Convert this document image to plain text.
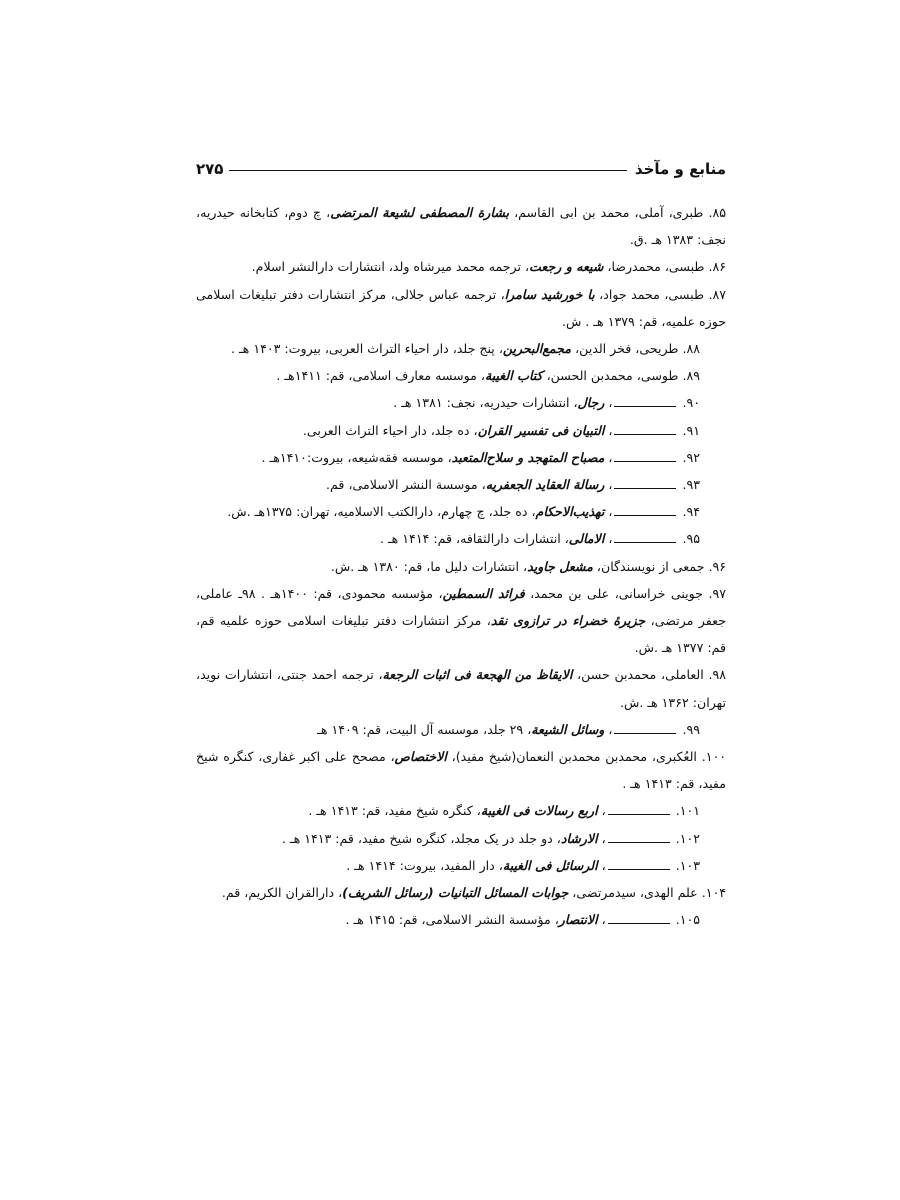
منابع و مآخذ
۲۷۵

۸۵. طبری، آملی، محمد بن ابی القاسم، بشارة المصطفی لشیعة المرتضی، چ دوم، کتابخانه حیدریه، نجف: ۱۳۸۳ هـ .ق.

۸۶. طبسی، محمدرضا، شیعه و رجعت، ترجمه محمد میرشاه ولد، انتشارات دارالنشر اسلام.

۸۷. طبسی، محمد جواد، با خورشید سامرا، ترجمه عباس جلالی، مرکز انتشارات دفتر تبلیغات اسلامی حوزه علمیه، قم: ۱۳۷۹ هـ . ش.

۸۸. طریحی، فخر الدین، مجمع‌البحرین، پنج جلد، دار احیاء التراث العربی، بیروت: ۱۴۰۳ هـ .

۸۹. طوسی، محمدبن الحسن، کتاب الغیبة، موسسه معارف اسلامی، قم: ۱۴۱۱هـ .

۹۰. ، رجال، انتشارات حیدریه، نجف: ۱۳۸۱ هـ .

۹۱. ، التبیان فی تفسیر القران، ده جلد، دار احیاء التراث العربی.

۹۲. ، مصباح المتهجد و سلاح‌المتعبد، موسسه فقه‌شیعه، بیروت:۱۴۱۰هـ .

۹۳. ، رسالة العقاید الجعفریه، موسسة النشر الاسلامی، قم.

۹۴. ، تهذیب‌الاحکام، ده جلد، چ چهارم، دارالکتب الاسلامیه، تهران: ۱۳۷۵هـ .ش.

۹۵. ، الامالی، انتشارات دارالثقافه، قم: ۱۴۱۴ هـ .

۹۶. جمعی از نویسندگان، مشعل جاوید، انتشارات دلیل ما، قم: ۱۳۸۰ هـ .ش.

۹۷. جوینی خراسانی، علی بن محمد، فرائد السمطین، مؤسسه محمودی، قم: ۱۴۰۰هـ . ۹۸ـ عاملی، جعفر مرتضی، جزیرۀ خضراء در ترازوی نقد، مرکز انتشارات دفتر تبلیغات اسلامی حوزه علمیه قم، قم: ۱۳۷۷ هـ .ش.

۹۸. العاملی، محمدبن حسن، الایقاظ من الهجعة فی اثبات الرجعة، ترجمه احمد جنتی، انتشارات نوید، تهران: ۱۳۶۲ هـ .ش.

۹۹. ، وسائل الشیعة، ۲۹ جلد، موسسه آل البیت، قم: ۱۴۰۹ هـ

۱۰۰. العُکبری، محمدبن محمدبن النعمان(شیخ مفید)، الاختصاص، مصحح علی اکبر غفاری، کنگره شیخ مفید، قم: ۱۴۱۳ هـ .

۱۰۱. ، اربع رسالات فی الغیبة، کنگره شیخ مفید، قم: ۱۴۱۳ هـ .

۱۰۲. ، الارشاد، دو جلد در یک مجلد، کنگره شیخ مفید، قم: ۱۴۱۳ هـ .

۱۰۳. ، الرسائل فی الغیبة، دار المفید، بیروت: ۱۴۱۴ هـ .

۱۰۴. علم الهدی، سیدمرتضی، جوابات المسائل التبانیات (رسائل الشریف)، دارالقران الکریم، قم.

۱۰۵. ، الانتصار، مؤسسة النشر الاسلامی، قم: ۱۴۱۵ هـ .
